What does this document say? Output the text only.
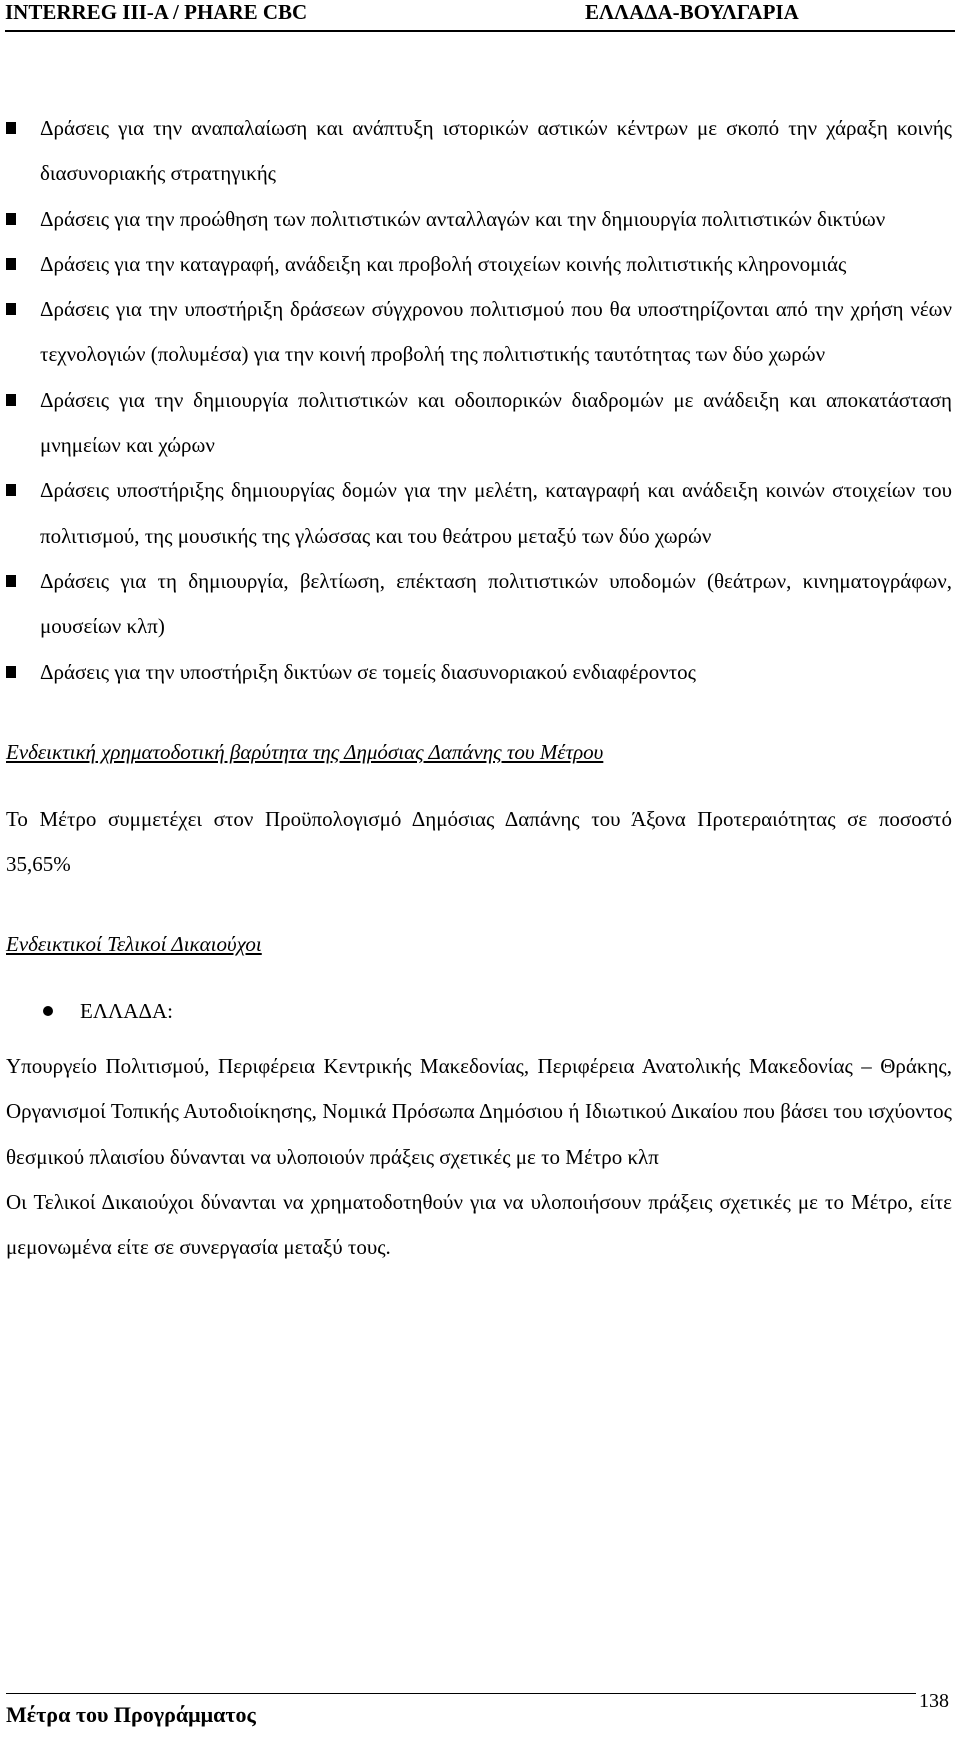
INTERREG III-A / PHARE CBC	ΕΛΛΑΔΑ-ΒΟΥΛΓΑΡΙΑ
Δράσεις για την αναπαλαίωση και ανάπτυξη ιστορικών αστικών κέντρων με σκοπό την χάραξη κοινής διασυνοριακής στρατηγικής
Δράσεις για την προώθηση των πολιτιστικών ανταλλαγών και την δημιουργία πολιτιστικών δικτύων
Δράσεις για την καταγραφή, ανάδειξη και προβολή στοιχείων κοινής πολιτιστικής κληρονομιάς
Δράσεις για την υποστήριξη δράσεων σύγχρονου πολιτισμού που θα υποστηρίζονται από την χρήση νέων τεχνολογιών (πολυμέσα) για την κοινή προβολή της πολιτιστικής ταυτότητας των δύο χωρών
Δράσεις για την δημιουργία πολιτιστικών και οδοιπορικών διαδρομών με ανάδειξη και αποκατάσταση μνημείων και χώρων
Δράσεις υποστήριξης δημιουργίας δομών για την μελέτη, καταγραφή και ανάδειξη κοινών στοιχείων του πολιτισμού, της μουσικής της γλώσσας και του θεάτρου μεταξύ των δύο χωρών
Δράσεις για τη δημιουργία, βελτίωση, επέκταση πολιτιστικών υποδομών (θεάτρων, κινηματογράφων, μουσείων κλπ)
Δράσεις για την υποστήριξη δικτύων σε τομείς διασυνοριακού ενδιαφέροντος
Ενδεικτική χρηματοδοτική βαρύτητα της Δημόσιας Δαπάνης του Μέτρου
Το Μέτρο συμμετέχει στον Προϋπολογισμό Δημόσιας Δαπάνης του Άξονα Προτεραιότητας σε ποσοστό 35,65%
Ενδεικτικοί Τελικοί Δικαιούχοι
ΕΛΛΑΔΑ:
Υπουργείο Πολιτισμού, Περιφέρεια Κεντρικής Μακεδονίας, Περιφέρεια Ανατολικής Μακεδονίας – Θράκης, Οργανισμοί Τοπικής Αυτοδιοίκησης, Νομικά Πρόσωπα Δημόσιου ή Ιδιωτικού Δικαίου που βάσει του ισχύοντος θεσμικού πλαισίου δύνανται να υλοποιούν πράξεις σχετικές με το Μέτρο κλπ
Οι Τελικοί Δικαιούχοι δύνανται να χρηματοδοτηθούν για να υλοποιήσουν πράξεις σχετικές με το Μέτρο, είτε μεμονωμένα είτε σε συνεργασία μεταξύ τους.
Μέτρα του Προγράμματος
138
